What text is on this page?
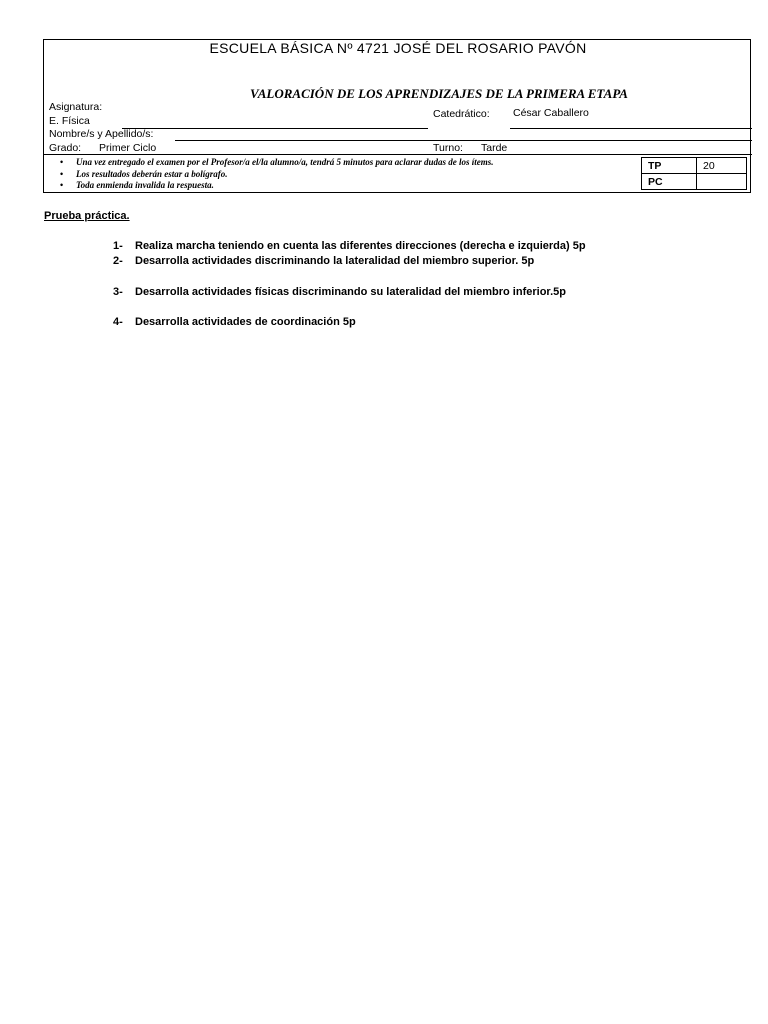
ESCUELA BÁSICA Nº 4721 JOSÉ DEL ROSARIO PAVÓN
VALORACIÓN DE LOS APRENDIZAJES DE LA PRIMERA ETAPA
Asignatura:
E. Física
Catedrático: César Caballero
Nombre/s y Apellido/s:
Grado: Primer Ciclo	Turno: Tarde
• Una vez entregado el examen por el Profesor/a el/la alumno/a, tendrá 5 minutos para aclarar dudas de los ítems.
• Los resultados deberán estar a bolígrafo.
• Toda enmienda invalida la respuesta.
TP	20
PC	
Prueba práctica.
1- Realiza marcha teniendo en cuenta las diferentes direcciones (derecha e izquierda) 5p
2- Desarrolla actividades discriminando la lateralidad del miembro superior. 5p
3- Desarrolla actividades físicas discriminando su lateralidad del miembro inferior.5p
4- Desarrolla actividades de coordinación 5p
